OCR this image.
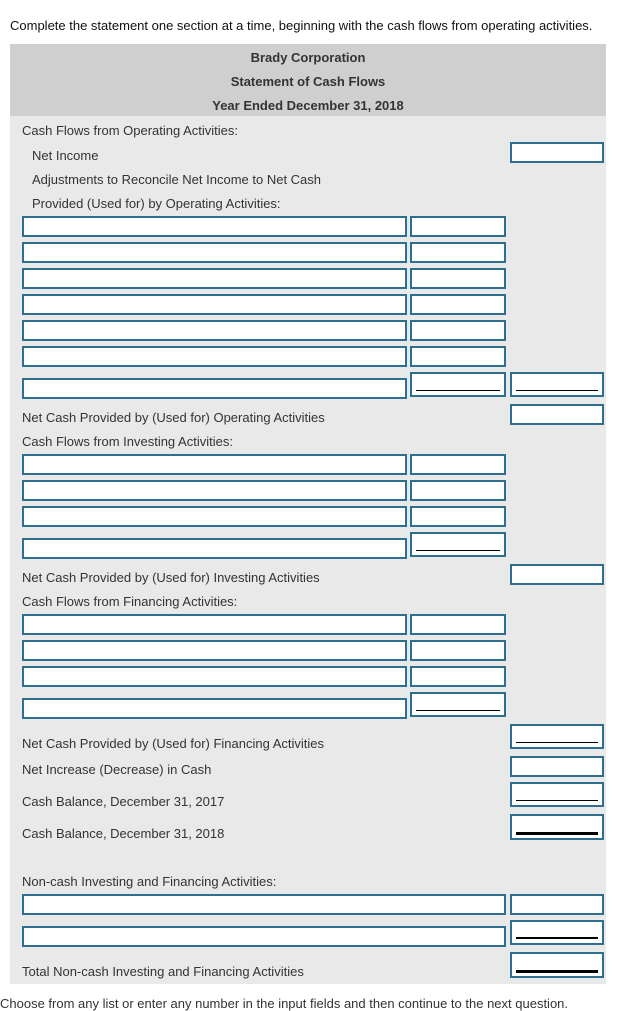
Complete the statement one section at a time, beginning with the cash flows from operating activities.
Brady Corporation
Statement of Cash Flows
Year Ended December 31, 2018
Cash Flows from Operating Activities:
Net Income
Adjustments to Reconcile Net Income to Net Cash
Provided (Used for) by Operating Activities:
Net Cash Provided by (Used for) Operating Activities
Cash Flows from Investing Activities:
Net Cash Provided by (Used for) Investing Activities
Cash Flows from Financing Activities:
Net Cash Provided by (Used for) Financing Activities
Net Increase (Decrease) in Cash
Cash Balance, December 31, 2017
Cash Balance, December 31, 2018
Non-cash Investing and Financing Activities:
Total Non-cash Investing and Financing Activities
Choose from any list or enter any number in the input fields and then continue to the next question.
